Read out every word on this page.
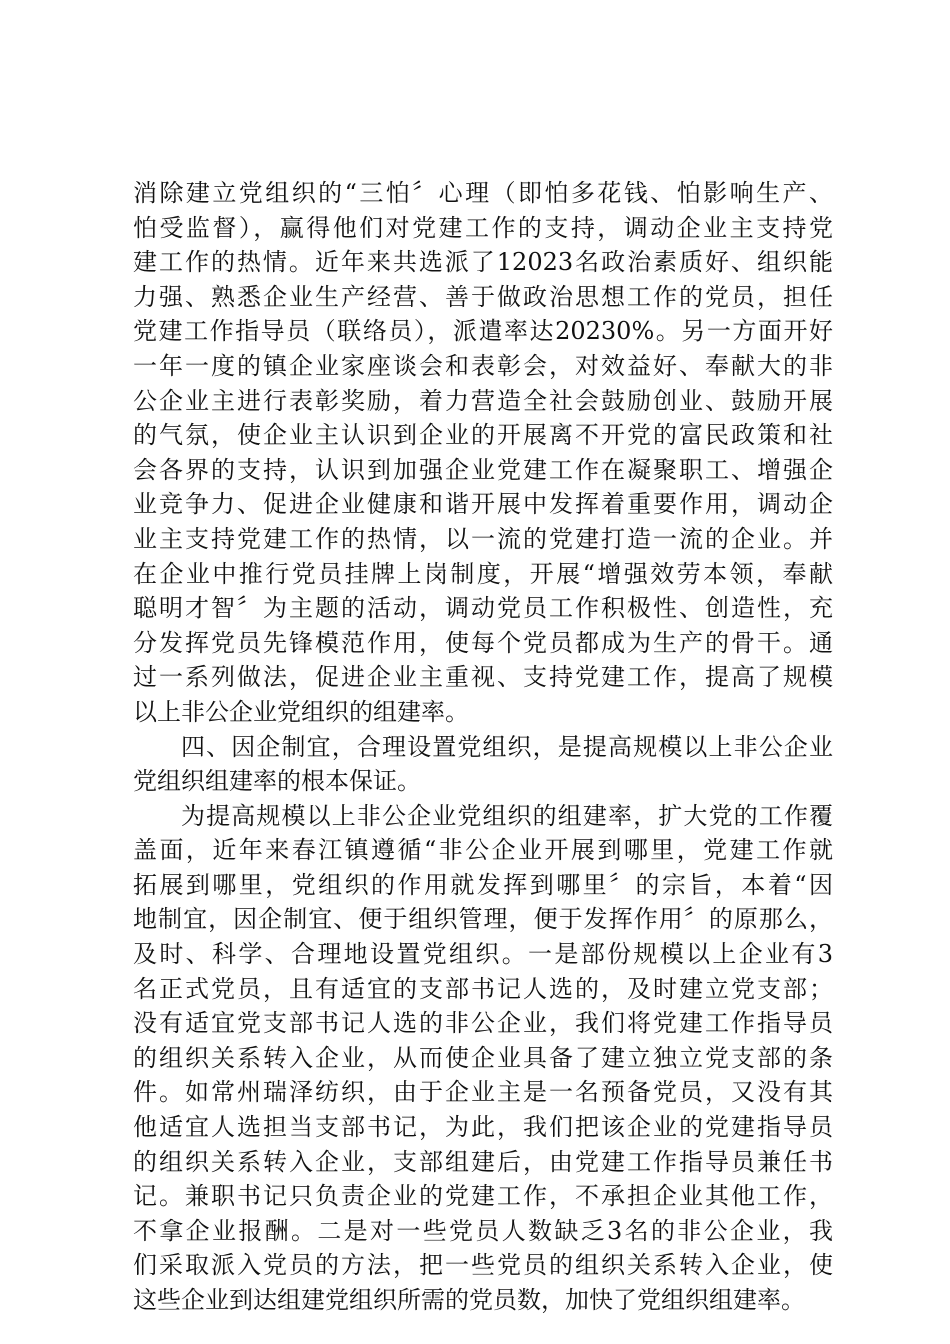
消除建立党组织的“三怕〞心理（即怕多花钱、怕影响生产、
怕受监督），赢得他们对党建工作的支持，调动企业主支持党
建工作的热情。近年来共选派了12023名政治素质好、组织能
力强、熟悉企业生产经营、善于做政治思想工作的党员，担任
党建工作指导员（联络员），派遣率达20230%。另一方面开好
一年一度的镇企业家座谈会和表彰会，对效益好、奉献大的非
公企业主进行表彰奖励，着力营造全社会鼓励创业、鼓励开展
的气氛，使企业主认识到企业的开展离不开党的富民政策和社
会各界的支持，认识到加强企业党建工作在凝聚职工、增强企
业竞争力、促进企业健康和谐开展中发挥着重要作用，调动企
业主支持党建工作的热情，以一流的党建打造一流的企业。并
在企业中推行党员挂牌上岗制度，开展“增强效劳本领，奉献
聪明才智〞为主题的活动，调动党员工作积极性、创造性，充
分发挥党员先锋模范作用，使每个党员都成为生产的骨干。通
过一系列做法，促进企业主重视、支持党建工作，提高了规模
以上非公企业党组织的组建率。
四、因企制宜，合理设置党组织，是提高规模以上非公企业
党组织组建率的根本保证。
为提高规模以上非公企业党组织的组建率，扩大党的工作覆
盖面，近年来春江镇遵循“非公企业开展到哪里，党建工作就
拓展到哪里，党组织的作用就发挥到哪里〞的宗旨，本着“因
地制宜，因企制宜、便于组织管理，便于发挥作用〞的原那么，
及时、科学、合理地设置党组织。一是部份规模以上企业有3
名正式党员，且有适宜的支部书记人选的，及时建立党支部；
没有适宜党支部书记人选的非公企业，我们将党建工作指导员
的组织关系转入企业，从而使企业具备了建立独立党支部的条
件。如常州瑞泽纺织，由于企业主是一名预备党员，又没有其
他适宜人选担当支部书记，为此，我们把该企业的党建指导员
的组织关系转入企业，支部组建后，由党建工作指导员兼任书
记。兼职书记只负责企业的党建工作，不承担企业其他工作，
不拿企业报酬。二是对一些党员人数缺乏3名的非公企业，我
们采取派入党员的方法，把一些党员的组织关系转入企业，使
这些企业到达组建党组织所需的党员数，加快了党组织组建率。
